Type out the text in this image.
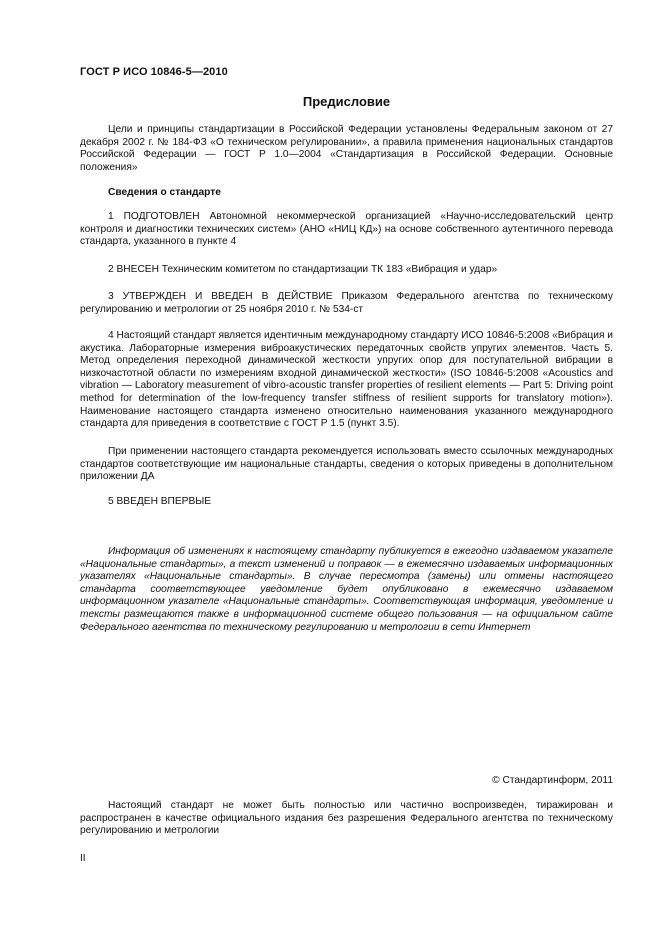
ГОСТ Р ИСО 10846-5—2010
Предисловие

Цели и принципы стандартизации в Российской Федерации установлены Федеральным законом от 27 декабря 2002 г. № 184-ФЗ «О техническом регулировании», а правила применения национальных стандартов Российской Федерации — ГОСТ Р 1.0—2004 «Стандартизация в Российской Федерации. Основные положения»

Сведения о стандарте

1 ПОДГОТОВЛЕН Автономной некоммерческой организацией «Научно-исследовательский центр контроля и диагностики технических систем» (АНО «НИЦ КД») на основе собственного аутентичного перевода стандарта, указанного в пункте 4

2 ВНЕСЕН Техническим комитетом по стандартизации ТК 183 «Вибрация и удар»

3 УТВЕРЖДЕН И ВВЕДЕН В ДЕЙСТВИЕ Приказом Федерального агентства по техническому регулированию и метрологии от 25 ноября 2010 г. № 534-ст

4 Настоящий стандарт является идентичным международному стандарту ИСО 10846-5:2008 «Вибрация и акустика. Лабораторные измерения виброакустических передаточных свойств упругих элементов. Часть 5. Метод определения переходной динамической жесткости упругих опор для поступательной вибрации в низкочастотной области по измерениям входной динамической жесткости» (ISO 10846-5:2008 «Acoustics and vibration — Laboratory measurement of vibro-acoustic transfer properties of resilient elements — Part 5: Driving point method for determination of the low-frequency transfer stiffness of resilient supports for translatory motion»). Наименование настоящего стандарта изменено относительно наименования указанного международного стандарта для приведения в соответствие с ГОСТ Р 1.5 (пункт 3.5).

При применении настоящего стандарта рекомендуется использовать вместо ссылочных международных стандартов соответствующие им национальные стандарты, сведения о которых приведены в дополнительном приложении ДА

5 ВВЕДЕН ВПЕРВЫЕ

Информация об изменениях к настоящему стандарту публикуется в ежегодно издаваемом указателе «Национальные стандарты», а текст изменений и поправок — в ежемесячно издаваемых информационных указателях «Национальные стандарты». В случае пересмотра (замены) или отмены настоящего стандарта соответствующее уведомление будет опубликовано в ежемесячно издаваемом информационном указателе «Национальные стандарты». Соответствующая информация, уведомление и тексты размещаются также в информационной системе общего пользования — на официальном сайте Федерального агентства по техническому регулированию и метрологии в сети Интернет

© Стандартинформ, 2011

Настоящий стандарт не может быть полностью или частично воспроизведен, тиражирован и распространен в качестве официального издания без разрешения Федерального агентства по техническому регулированию и метрологии

II
